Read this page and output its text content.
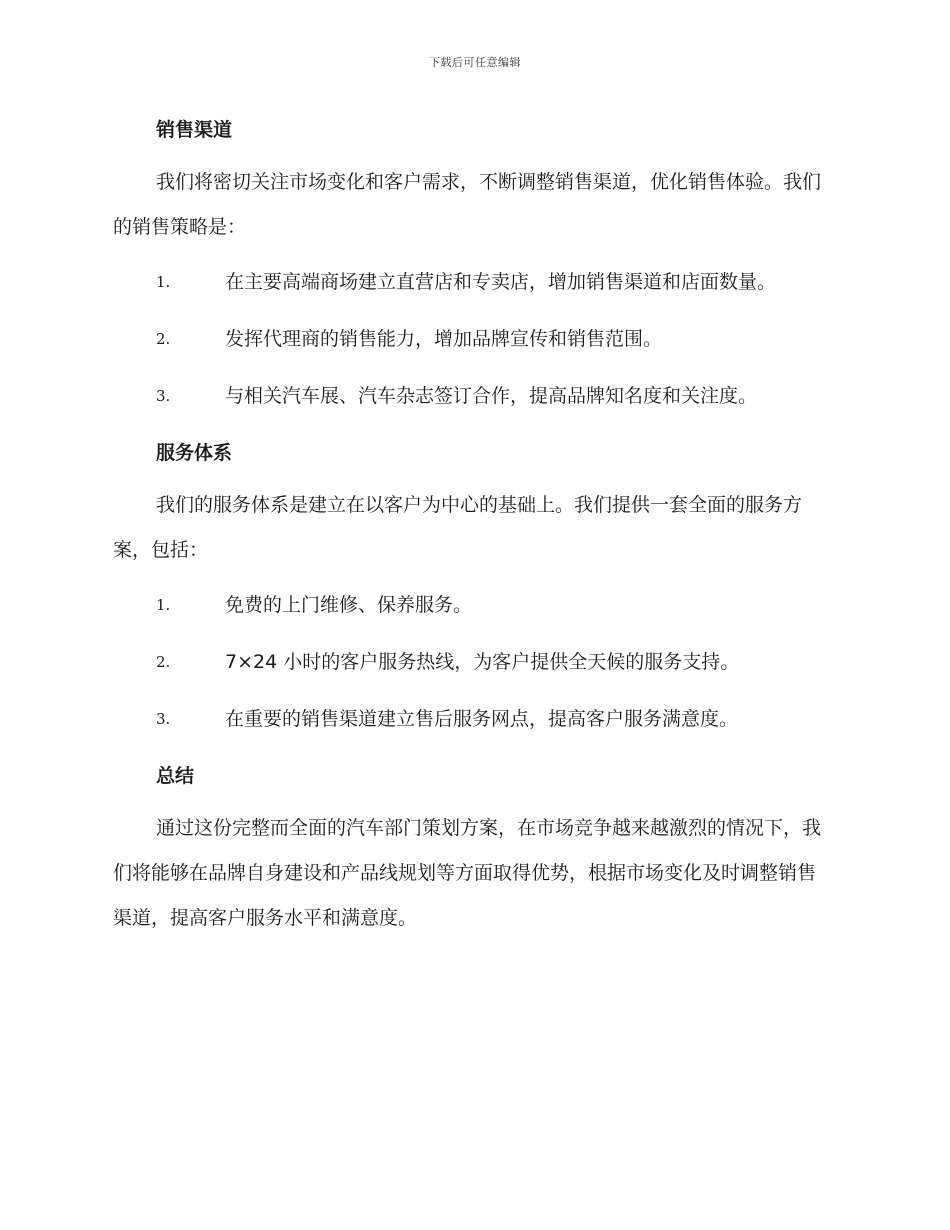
下载后可任意编辑
销售渠道
我们将密切关注市场变化和客户需求，不断调整销售渠道，优化销售体验。我们的销售策略是：
1.	在主要高端商场建立直营店和专卖店，增加销售渠道和店面数量。
2.	发挥代理商的销售能力，增加品牌宣传和销售范围。
3.	与相关汽车展、汽车杂志签订合作，提高品牌知名度和关注度。
服务体系
我们的服务体系是建立在以客户为中心的基础上。我们提供一套全面的服务方案，包括：
1.	免费的上门维修、保养服务。
2.	7×24 小时的客户服务热线，为客户提供全天候的服务支持。
3.	在重要的销售渠道建立售后服务网点，提高客户服务满意度。
总结
通过这份完整而全面的汽车部门策划方案，在市场竞争越来越激烈的情况下，我们将能够在品牌自身建设和产品线规划等方面取得优势，根据市场变化及时调整销售渠道，提高客户服务水平和满意度。
